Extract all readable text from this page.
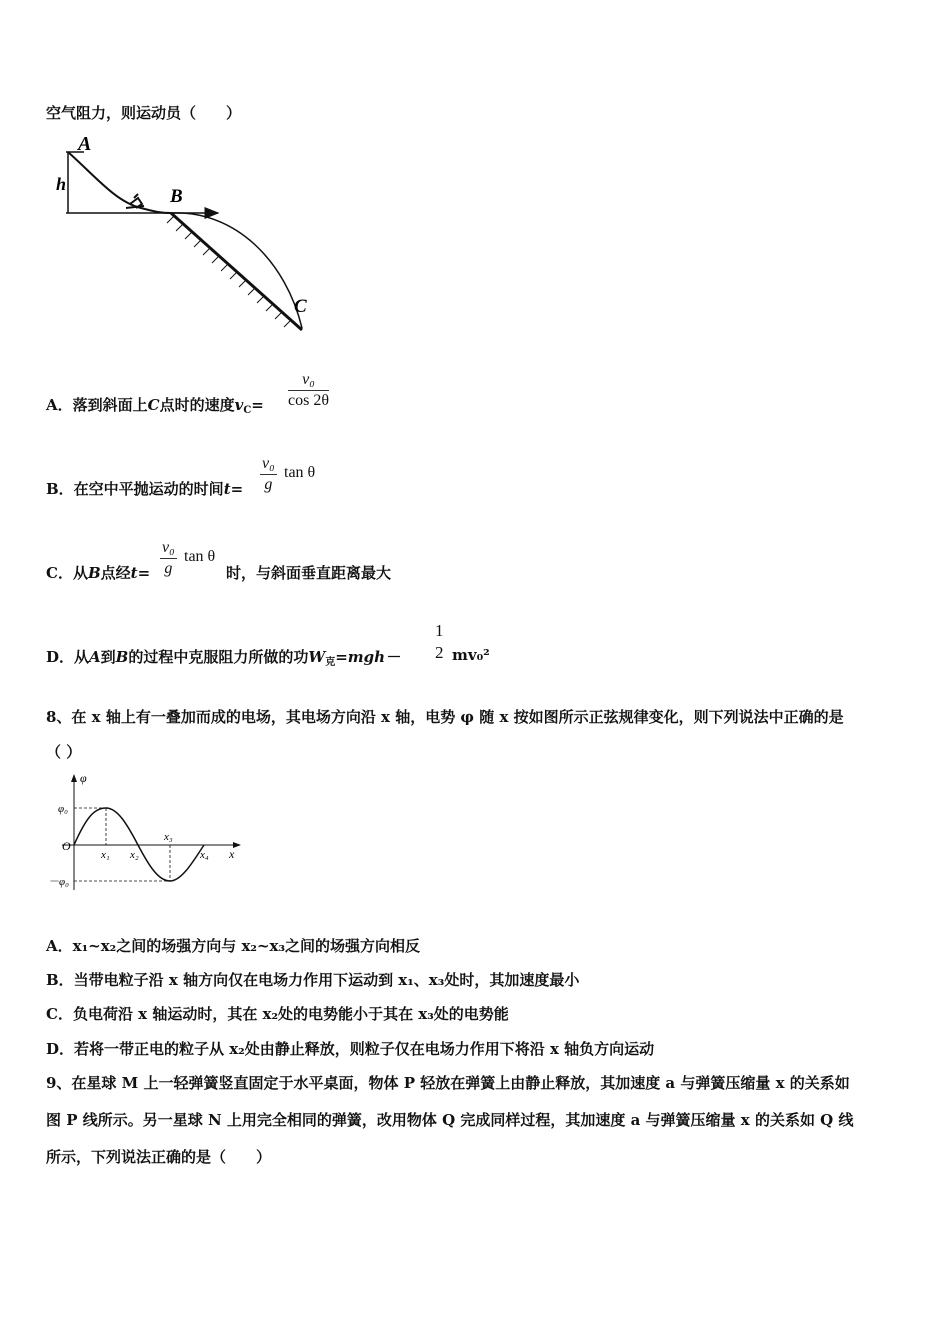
空气阻力，则运动员（　　）
h
A
B
C
A．落到斜面上C点时的速度$v_C= \frac{\text{v₀}}{\cos 2\theta}$
B．在空中平抛运动的时间$t= \frac{\text{v₀}}{g}$ tan θ
C．从B点经$t= \frac{\text{v₀}}{g}$ tan θ
时，与斜面垂直距离最大
D．从A到B的过程中克服阻力所做的功$W_克=mgh-$
1
2 mv₀²
8、在 x 轴上有一叠加而成的电场，其电场方向沿 x 轴，电势 φ 随 x 按如图所示正弦规律变化，则下列说法中正确的是
（ ）
φ
x
O
φ₀
－φ₀
x₁ x₂
x₃
x₄
A．x₁~x₂之间的场强方向与 x₂~x₃之间的场强方向相反
B．当带电粒子沿 x 轴方向仅在电场力作用下运动到 x₁、x₃处时，其加速度最小
C．负电荷沿 x 轴运动时，其在 x₂处的电势能小于其在 x₃处的电势能
D．若将一带正电的粒子从 x₂处由静止释放，则粒子仅在电场力作用下将沿 x 轴负方向运动
9、在星球 M 上一轻弹簧竖直固定于水平桌面，物体 P 轻放在弹簧上由静止释放，其加速度 a 与弹簧压缩量 x 的关系如
图 P 线所示。另一星球 N 上用完全相同的弹簧，改用物体 Q 完成同样过程，其加速度 a 与弹簧压缩量 x 的关系如 Q 线
所示，下列说法正确的是（　　）
